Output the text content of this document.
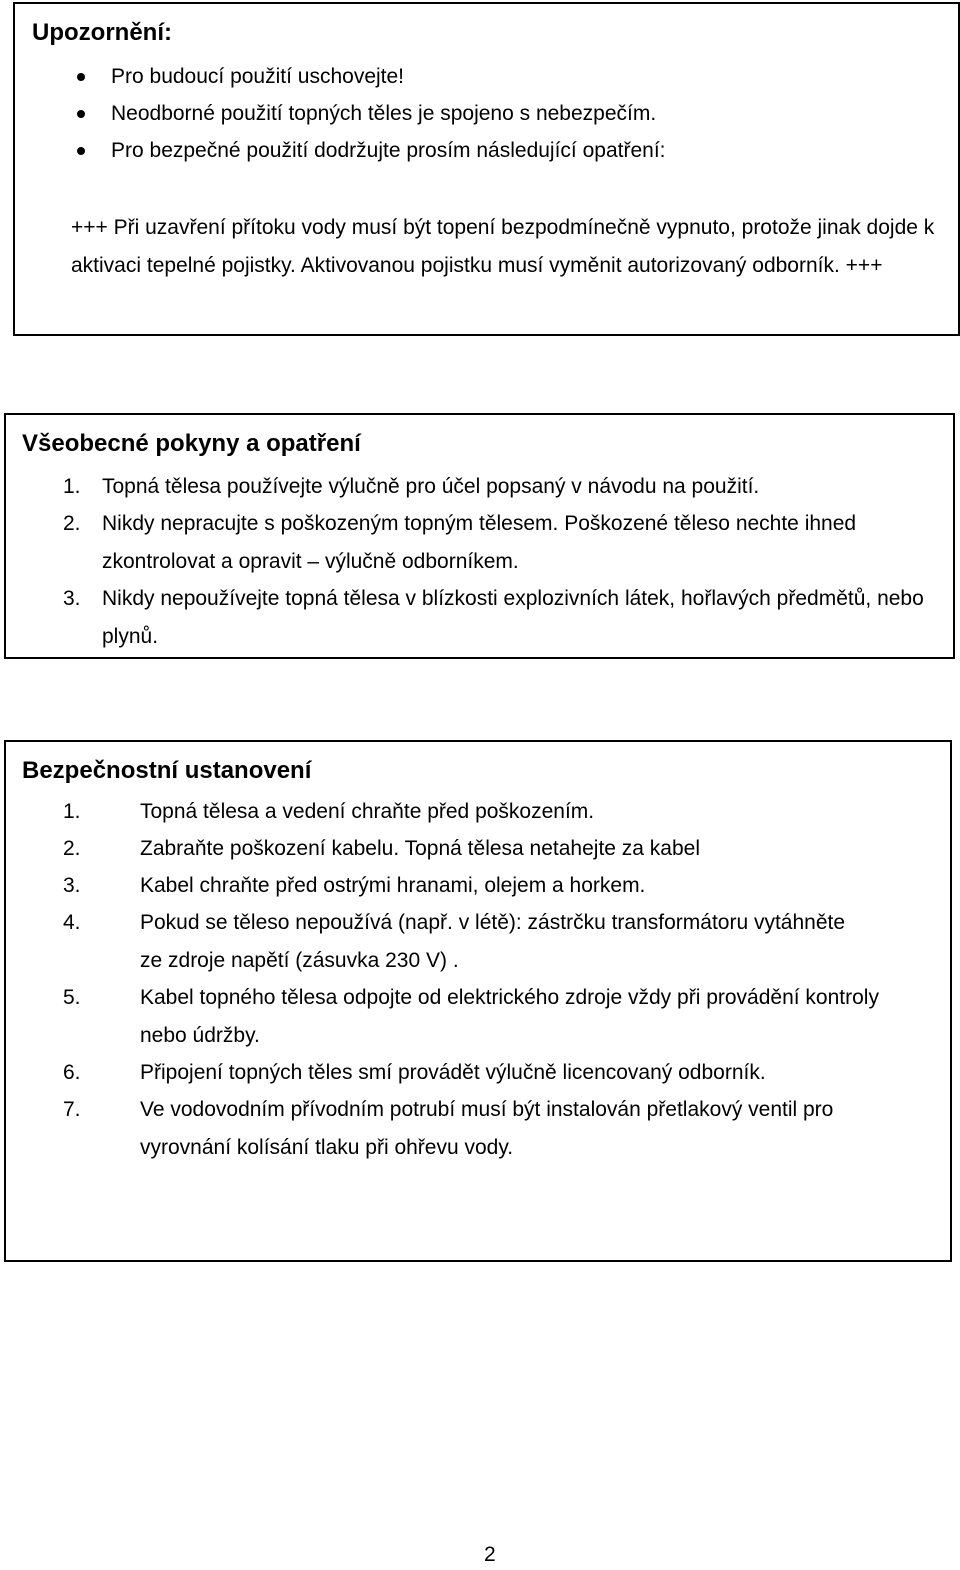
Upozornění:
Pro budoucí použití uschovejte!
Neodborné použití topných těles je spojeno s nebezpečím.
Pro bezpečné použití dodržujte prosím následující opatření:
+++ Při uzavření přítoku vody musí být topení bezpodmínečně vypnuto, protože jinak dojde k aktivaci tepelné pojistky. Aktivovanou pojistku musí vyměnit autorizovaný odborník. +++
Všeobecné pokyny a opatření
1. Topná tělesa používejte výlučně pro účel popsaný v návodu na použití.
2. Nikdy nepracujte s poškozeným topným tělesem. Poškozené těleso nechte ihned zkontrolovat a opravit – výlučně odborníkem.
3. Nikdy nepoužívejte topná tělesa v blízkosti explozivních látek, hořlavých předmětů, nebo plynů.
Bezpečnostní ustanovení
1.	Topná tělesa a vedení chraňte před poškozením.
2.	Zabraňte poškození kabelu. Topná tělesa netahejte za kabel
3.	Kabel chraňte před ostrými hranami, olejem a horkem.
4.	Pokud se těleso nepoužívá (např. v létě): zástrčku transformátoru vytáhněte ze zdroje napětí (zásuvka 230 V) .
5.	Kabel topného tělesa odpojte od elektrického zdroje vždy při provádění kontroly nebo údržby.
6.	Připojení topných těles smí provádět výlučně licencovaný odborník.
7.	Ve vodovodním přívodním potrubí musí být instalován přetlakový ventil pro vyrovnání kolísání tlaku při ohřevu vody.
2
